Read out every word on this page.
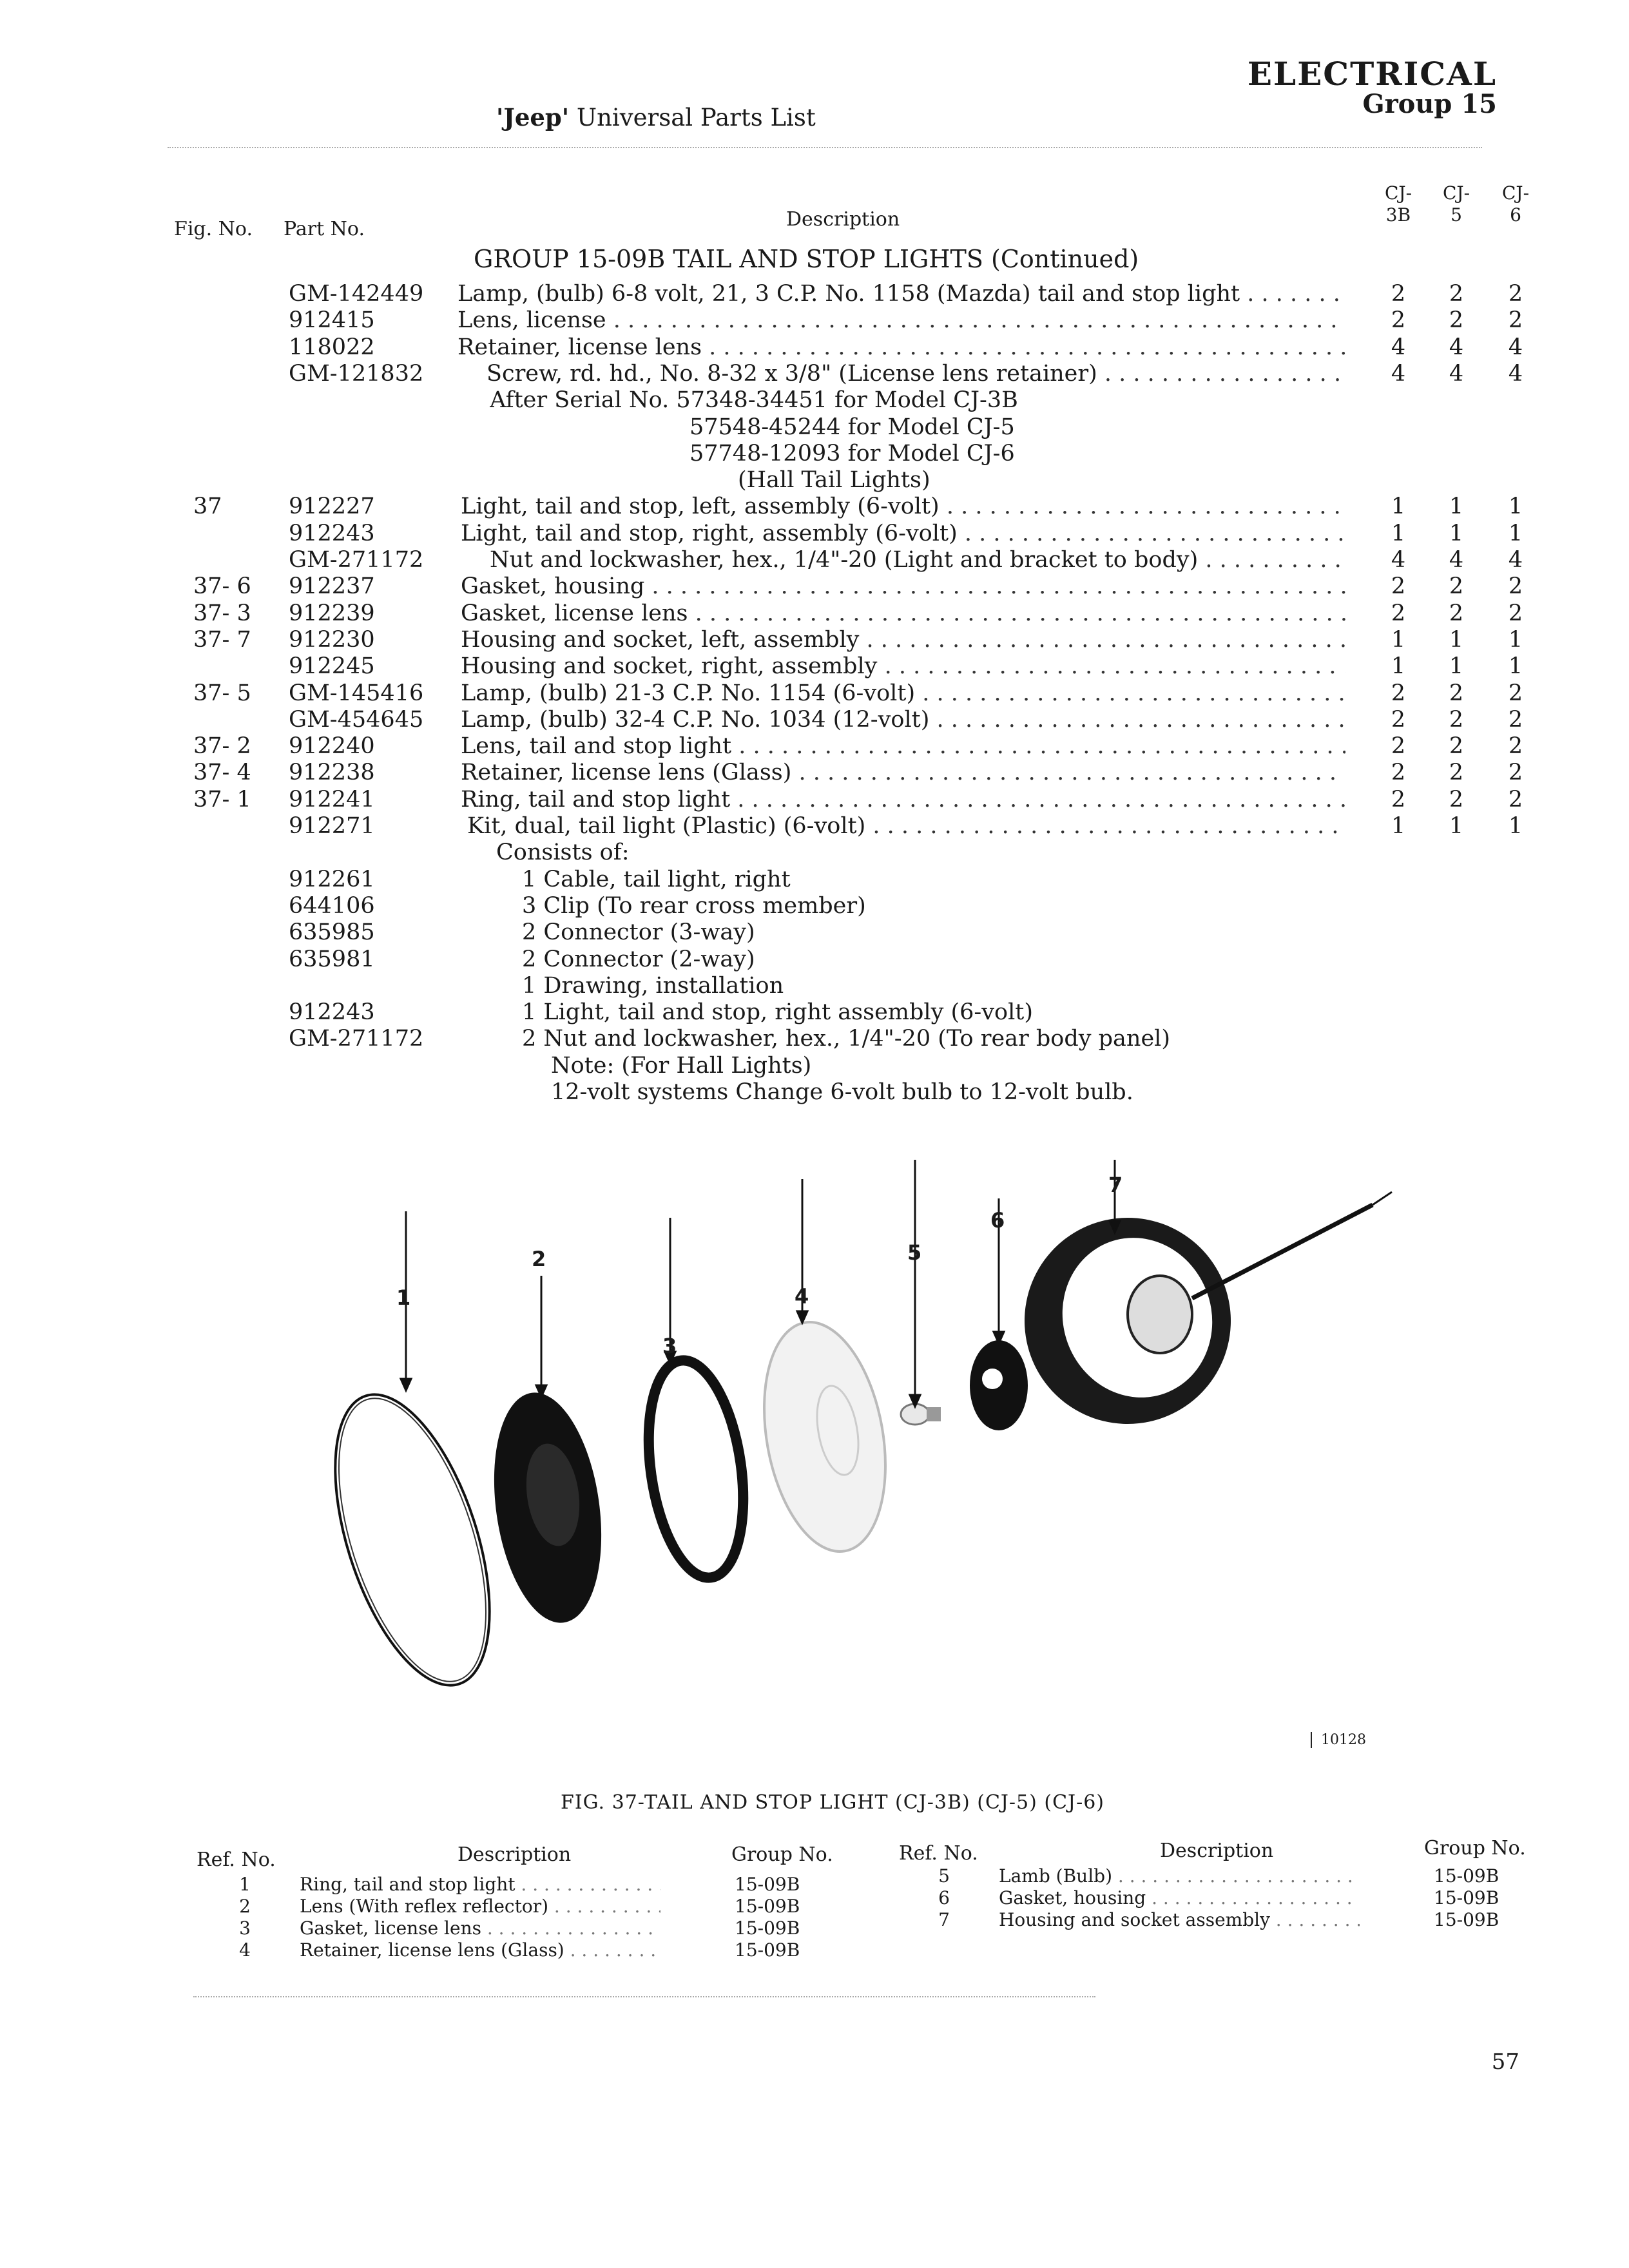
ELECTRICAL
Group 15
'Jeep' Universal Parts List
Fig. No. Part No.	Description
CJ-
3B
CJ-
5
CJ-
6
GROUP 15-09B TAIL AND STOP LIGHTS (Continued)
GM-142449 Lamp, (bulb) 6-8 volt, 21, 3 C.P. No. 1158 (Mazda) tail and stop light . . .	2	2	2
912415	Lens, license . . .	2	2	2
118022	Retainer, license lens . . .	4	4	4
GM-121832	Screw, rd. hd., No. 8-32 x 3/8" (License lens retainer) . . .	4	4	4
After Serial No. 57348-34451 for Model CJ-3B
57548-45244 for Model CJ-5
57748-12093 for Model CJ-6
(Hall Tail Lights)
37	912227	Light, tail and stop, left, assembly (6-volt) . . .	1	1	1
912243	Light, tail and stop, right, assembly (6-volt) . . .	1	1	1
GM-271172	Nut and lockwasher, hex., 1/4"-20 (Light and bracket to body) . . .	4	4	4
37- 6	912237	Gasket, housing . . .	2	2	2
37- 3	912239	Gasket, license lens . . .	2	2	2
37- 7	912230	Housing and socket, left, assembly . . .	1	1	1
912245	Housing and socket, right, assembly . . .	1	1	1
37- 5	GM-145416 Lamp, (bulb) 21-3 C.P. No. 1154 (6-volt) . . .	2	2	2
GM-454645 Lamp, (bulb) 32-4 C.P. No. 1034 (12-volt) . . .	2	2	2
37- 2	912240	Lens, tail and stop light . . .	2	2	2
37- 4	912238	Retainer, license lens (Glass) . . .	2	2	2
37- 1	912241	Ring, tail and stop light . . .	2	2	2
912271	Kit, dual, tail light (Plastic) (6-volt) . . .	1	1	1
Consists of:
912261	1 Cable, tail light, right
644106	3 Clip (To rear cross member)
635985	2 Connector (3-way)
635981	2 Connector (2-way)
1 Drawing, installation
912243	1 Light, tail and stop, right assembly (6-volt)
GM-271172	2 Nut and lockwasher, hex., 1/4"-20 (To rear body panel)
Note: (For Hall Lights)
12-volt systems Change 6-volt bulb to 12-volt bulb.
1
2
3
4
5
6
7
10128
FIG. 37-TAIL AND STOP LIGHT (CJ-3B) (CJ-5) (CJ-6)
Ref. No.	Description	Group No.	Ref. No.	Description	Group No.
1	Ring, tail and stop light . . .	15-09B
2	Lens (With reflex reflector) . . .	15-09B
3	Gasket, license lens . . .	15-09B
4	Retainer, license lens (Glass) . . .	15-09B
5	Lamb (Bulb) . . .	15-09B
6	Gasket, housing . . .	15-09B
7	Housing and socket assembly . . .	15-09B
57
